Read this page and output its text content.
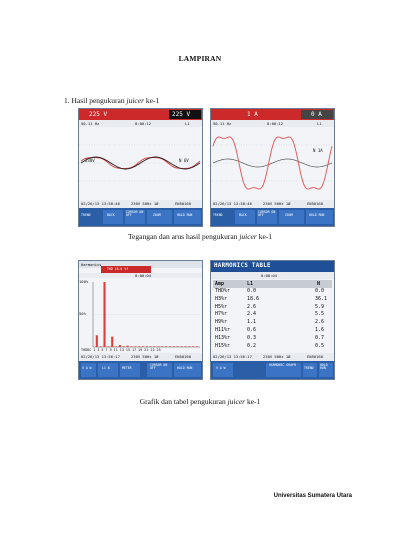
LAMPIRAN
1. Hasil pengukuran juicer ke-1
225 V	225 V
50.11 Hz	0:00:12	L1
230V	N 6V
02/26/13 13:58:46	230V 50Hz 1Ø	EN50160
TREND	BACK
CURSOR ON OFF	ZOOM	HOLD RUN
1 A	0 A
50.11 Hz	0:00:12	L1
N 1A
02/26/13 13:58:46	230V 50Hz 1Ø	EN50160
TREND	BACK
CURSOR ON OFF	ZOOM	HOLD RUN
Tegangan dan arus hasil pengukuran juicer ke-1
Harmonics
THD 18.6 %f
0:00:04
100%
50%
THDDC 1 3 5 7 9 11 13 15 17 19 21 23 25
02/26/13 13:56:17	230V 50Hz 1Ø	EN50160
V A W	L1 N	METER
CURSOR ON OFF	HOLD RUN
HARMONICS TABLE
0:00:04
Amp	L1	N
THD%r	0.0	0.0
H3%r	18.6	36.1
H5%r	2.6	5.9
H7%r	2.4	5.5
H9%r	1.1	2.6
H11%r	0.6	1.6
H13%r	0.3	0.7
H15%r	0.2	0.5
02/26/13 13:56:17	230V 50Hz 1Ø	EN50160
V A W
HARMONIC GRAPH
TREND
HOLD RUN
Grafik dan tabel pengukuran juicer ke-1
Universitas Sumatera Utara
